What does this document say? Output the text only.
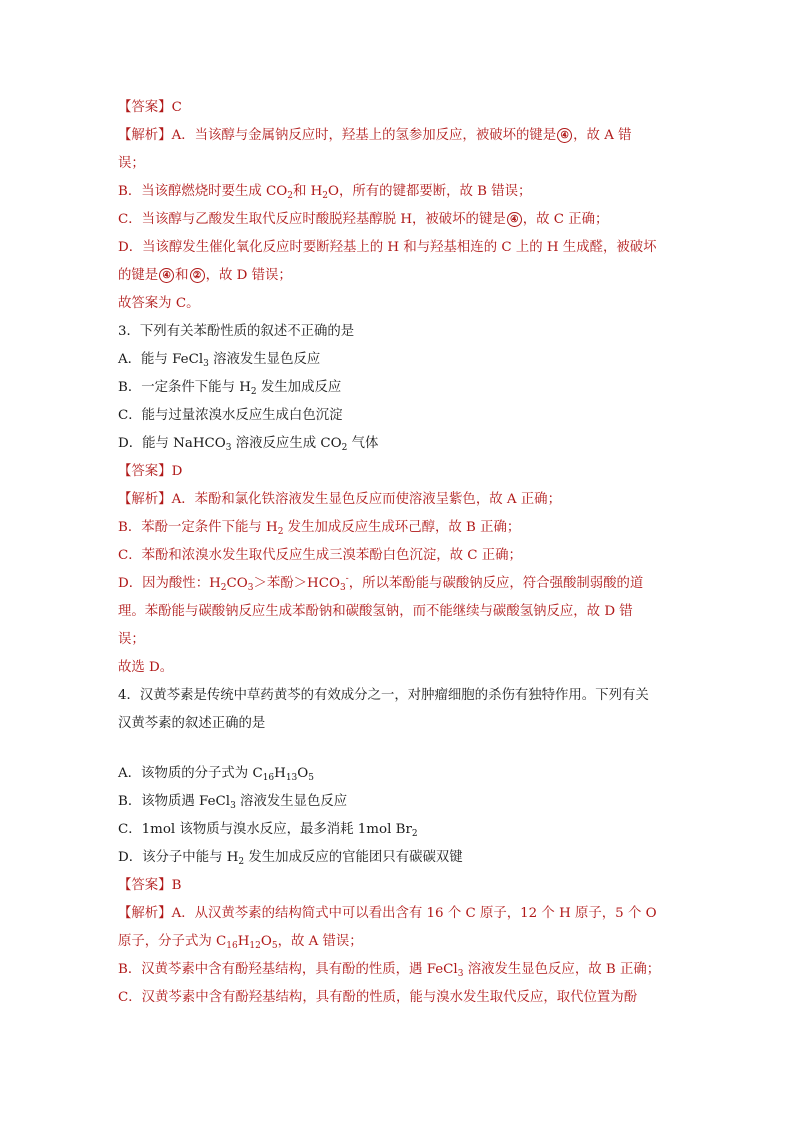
【答案】C
【解析】A．当该醇与金属钠反应时，羟基上的氢参加反应，被破坏的键是 ④ ，故 A 错
误；
B．当该醇燃烧时要生成 $CO_2$和 $H_2O$，所有的键都要断，故 B 错误；
C．当该醇与乙酸发生取代反应时酸脱羟基醇脱 H，被破坏的键是 ④ ，故 C 正确；
D．当该醇发生催化氧化反应时要断羟基上的 H 和与羟基相连的 C 上的 H 生成醛，被破坏
的键是 ④ 和 ② ，故 D 错误；
故答案为 C。
3．下列有关苯酚性质的叙述不正确的是
A．能与 FeCl$_3$ 溶液发生显色反应
B．一定条件下能与 $H_2$ 发生加成反应
C．能与过量浓溴水反应生成白色沉淀
D．能与 NaHCO$_3$ 溶液反应生成 $CO_2$ 气体
【答案】D
【解析】A．苯酚和氯化铁溶液发生显色反应而使溶液呈紫色，故 A 正确；
B．苯酚一定条件下能与 $H_2$ 发生加成反应生成环己醇，故 B 正确；
C．苯酚和浓溴水发生取代反应生成三溴苯酚白色沉淀，故 C 正确；
D．因为酸性：$H_2CO_3>$苯酚$>HCO_3^-$，所以苯酚能与碳酸钠反应，符合强酸制弱酸的道
理。苯酚能与碳酸钠反应生成苯酚钠和碳酸氢钠，而不能继续与碳酸氢钠反应，故 D 错
误；
故选 D。
4．汉黄芩素是传统中草药黄芩的有效成分之一，对肿瘤细胞的杀伤有独特作用。下列有关
汉黄芩素的叙述正确的是
A．该物质的分子式为 $C_{16}H_{13}O_5$
B．该物质遇 FeCl$_3$ 溶液发生显色反应
C．1mol 该物质与溴水反应，最多消耗 1mol $Br_2$
D．该分子中能与 $H_2$ 发生加成反应的官能团只有碳碳双键
【答案】B
【解析】A．从汉黄芩素的结构简式中可以看出含有 16 个 C 原子，12 个 H 原子，5 个 O
原子，分子式为 $C_{16}H_{12}O_5$，故 A 错误；
B．汉黄芩素中含有酚羟基结构，具有酚的性质，遇 FeCl$_3$ 溶液发生显色反应，故 B 正确；
C．汉黄芩素中含有酚羟基结构，具有酚的性质，能与溴水发生取代反应，取代位置为酚
